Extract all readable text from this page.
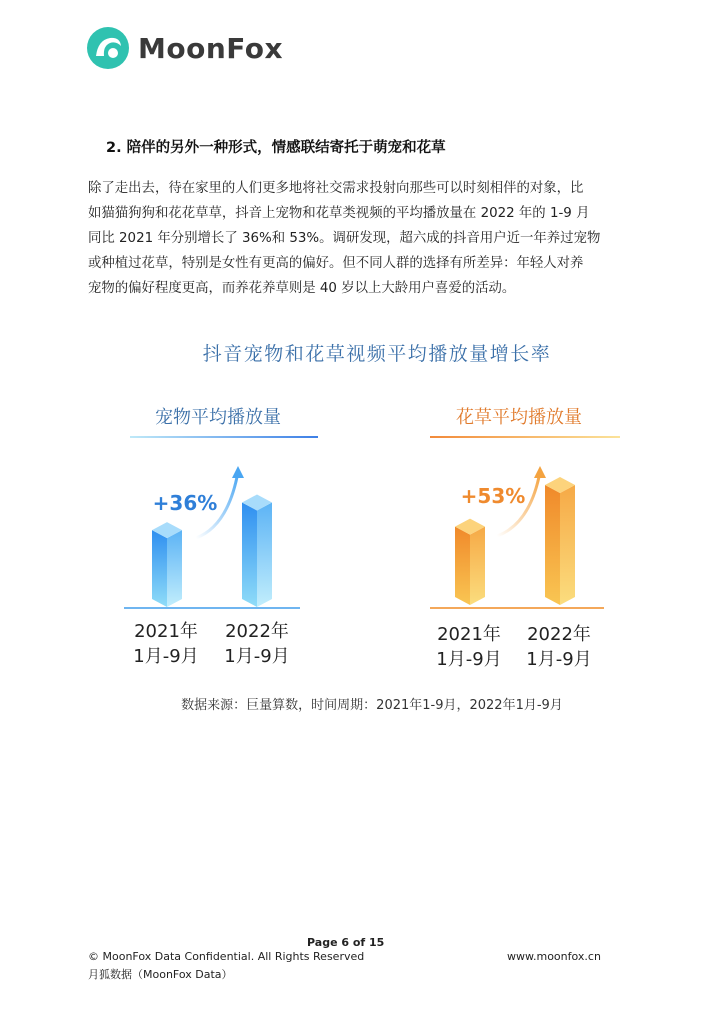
MoonFox
2. 陪伴的另外一种形式，情感联结寄托于萌宠和花草

除了走出去，待在家里的人们更多地将社交需求投射向那些可以时刻相伴的对象，比

如猫猫狗狗和花花草草，抖音上宠物和花草类视频的平均播放量在 2022 年的 1-9 月

同比 2021 年分别增长了 36%和 53%。调研发现，超六成的抖音用户近一年养过宠物

或种植过花草，特别是女性有更高的偏好。但不同人群的选择有所差异：年轻人对养

宠物的偏好程度更高，而养花养草则是 40 岁以上大龄用户喜爱的活动。

抖音宠物和花草视频平均播放量增长率
宠物平均播放量
+36%
2021年
1月-9月
2022年
1月-9月
花草平均播放量
+53%
2021年
1月-9月
2022年
1月-9月
数据来源：巨量算数，时间周期：2021年1-9月，2022年1月-9月
Page 6 of 15
© MoonFox Data Confidential. All Rights Reserved	www.moonfox.cn
月狐数据（MoonFox Data）
